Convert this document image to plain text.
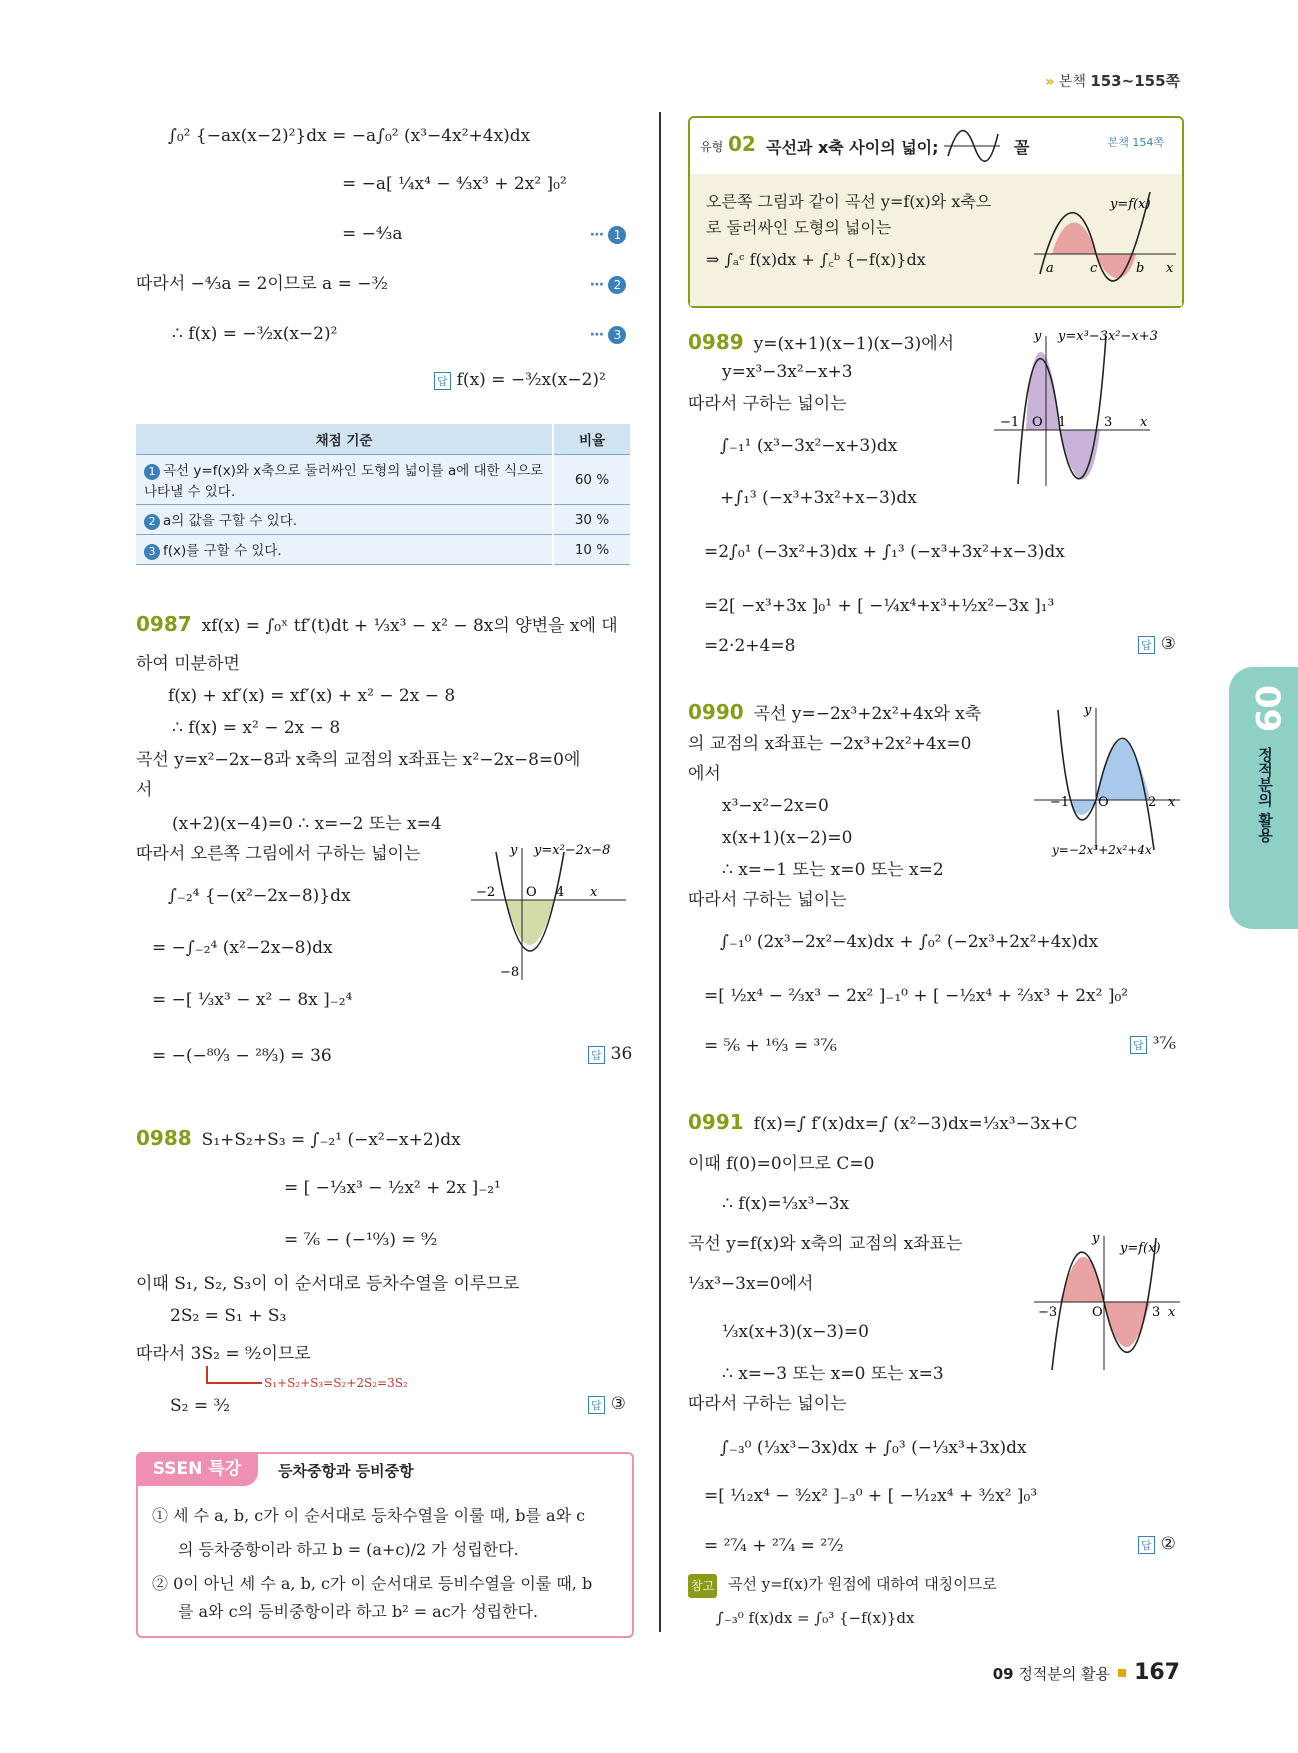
» 본책 153~155쪽
∫₀² {−ax(x−2)²}dx = −a∫₀² (x³−4x²+4x)dx
= −a[ ¼x⁴ − ⁴⁄₃x³ + 2x² ]₀²
= −⁴⁄₃a
따라서 −⁴⁄₃a = 2이므로 a = −³⁄₂
∴ f(x) = −³⁄₂x(x−2)²
⋯ 1
⋯ 2
⋯ 3
답 f(x) = −³⁄₂x(x−2)²
채점 기준	비율
1 곡선 y=f(x)와 x축으로 둘러싸인 도형의 넓이를 a에 대한 식으로 나타낼 수 있다.	60 %
2 a의 값을 구할 수 있다.	30 %
3 f(x)를 구할 수 있다.	10 %
0987 xf(x) = ∫₀ˣ tf′(t)dt + ⅓x³ − x² − 8x의 양변을 x에 대
하여 미분하면
f(x) + xf′(x) = xf′(x) + x² − 2x − 8
∴ f(x) = x² − 2x − 8
곡선 y=x²−2x−8과 x축의 교점의 x좌표는 x²−2x−8=0에
서
(x+2)(x−4)=0 ∴ x=−2 또는 x=4
따라서 오른쪽 그림에서 구하는 넓이는
∫₋₂⁴ {−(x²−2x−8)}dx
= −∫₋₂⁴ (x²−2x−8)dx
= −[ ⅓x³ − x² − 8x ]₋₂⁴
= −(−⁸⁰⁄₃ − ²⁸⁄₃) = 36	답 36
−2 O 4 x
y
−8
y=x²−2x−8
0988 S₁+S₂+S₃ = ∫₋₂¹ (−x²−x+2)dx
= [ −⅓x³ − ½x² + 2x ]₋₂¹
= ⁷⁄₆ − (−¹⁰⁄₃) = ⁹⁄₂
이때 S₁, S₂, S₃이 이 순서대로 등차수열을 이루므로
2S₂ = S₁ + S₃
따라서 3S₂ = ⁹⁄₂이므로
S₁+S₂+S₃=S₂+2S₂=3S₂
S₂ = ³⁄₂	답 ③
SSEN 특강	등차중항과 등비중항
① 세 수 a, b, c가 이 순서대로 등차수열을 이룰 때, b를 a와 c
의 등차중항이라 하고 b = (a+c)/2 가 성립한다.
② 0이 아닌 세 수 a, b, c가 이 순서대로 등비수열을 이룰 때, b
를 a와 c의 등비중항이라 하고 b² = ac가 성립한다.
유형 02 곡선과 x축 사이의 넓이;	꼴	본책 154쪽
오른쪽 그림과 같이 곡선 y=f(x)와 x축으
로 둘러싸인 도형의 넓이는
⇒ ∫ₐᶜ f(x)dx + ∫꜀ᵇ {−f(x)}dx	a	c	b x
y=f(x)
0989 y=(x+1)(x−1)(x−3)에서
y=x³−3x²−x+3
따라서 구하는 넓이는
∫₋₁¹ (x³−3x²−x+3)dx
+∫₁³ (−x³+3x²+x−3)dx
=2∫₀¹ (−3x²+3)dx + ∫₁³ (−x³+3x²+x−3)dx
=2[ −x³+3x ]₀¹ + [ −¼x⁴+x³+½x²−3x ]₁³
=2·2+4=8	답 ③
−1 O 1	3 x
y y=x³−3x²−x+3
0990 곡선 y=−2x³+2x²+4x와 x축
의 교점의 x좌표는 −2x³+2x²+4x=0
에서
x³−x²−2x=0
x(x+1)(x−2)=0
∴ x=−1 또는 x=0 또는 x=2
따라서 구하는 넓이는
∫₋₁⁰ (2x³−2x²−4x)dx + ∫₀² (−2x³+2x²+4x)dx
=[ ½x⁴ − ⅔x³ − 2x² ]₋₁⁰ + [ −½x⁴ + ⅔x³ + 2x² ]₀²
= ⁵⁄₆ + ¹⁶⁄₃ = ³⁷⁄₆	답 ³⁷⁄₆
−1 O	2 x
y
y=−2x³+2x²+4x
0991 f(x)=∫ f′(x)dx=∫ (x²−3)dx=⅓x³−3x+C
이때 f(0)=0이므로 C=0
∴ f(x)=⅓x³−3x
곡선 y=f(x)와 x축의 교점의 x좌표는
⅓x³−3x=0에서
⅓x(x+3)(x−3)=0
∴ x=−3 또는 x=0 또는 x=3
따라서 구하는 넓이는
∫₋₃⁰ (⅓x³−3x)dx + ∫₀³ (−⅓x³+3x)dx
=[ ¹⁄₁₂x⁴ − ³⁄₂x² ]₋₃⁰ + [ −¹⁄₁₂x⁴ + ³⁄₂x² ]₀³
= ²⁷⁄₄ + ²⁷⁄₄ = ²⁷⁄₂	답 ②
참고 곡선 y=f(x)가 원점에 대하여 대칭이므로
∫₋₃⁰ f(x)dx = ∫₀³ {−f(x)}dx
−3	O	3 x
y
y=f(x)
09
정적분의 활용
09 정적분의 활용 167
